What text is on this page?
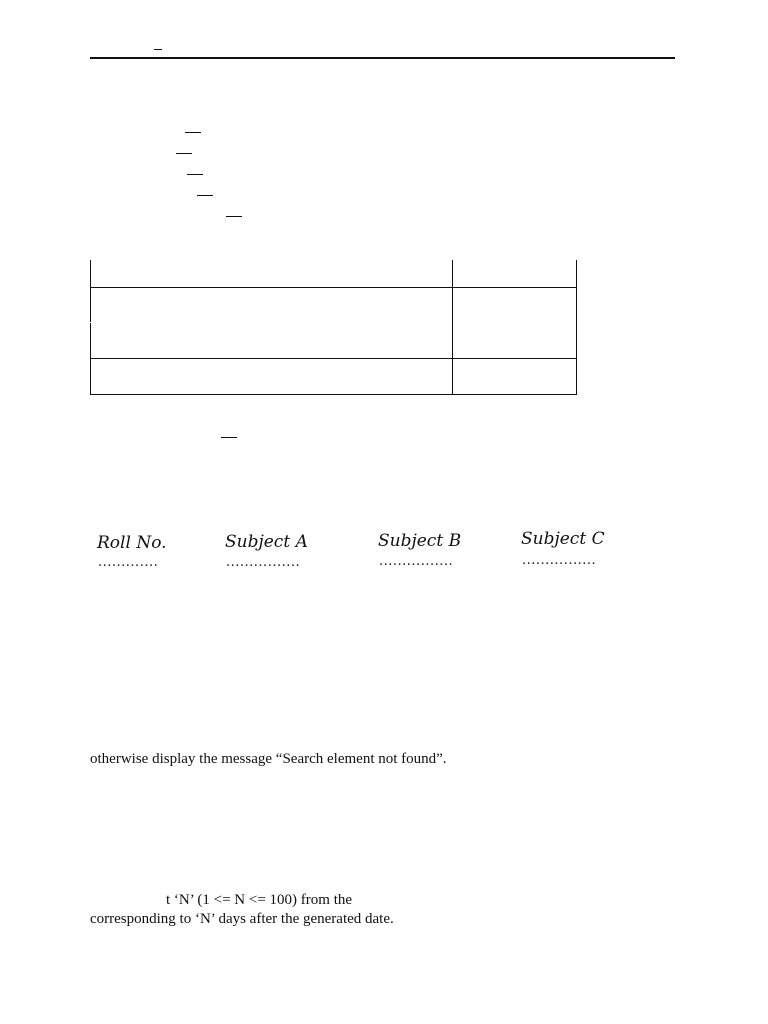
Roll No.	Subject A	Subject B	Subject C
.............	................	................	................
otherwise display the message “Search element not found”.
t ‘N’ (1 <= N <= 100) from the
corresponding to ‘N’ days after the generated date.
